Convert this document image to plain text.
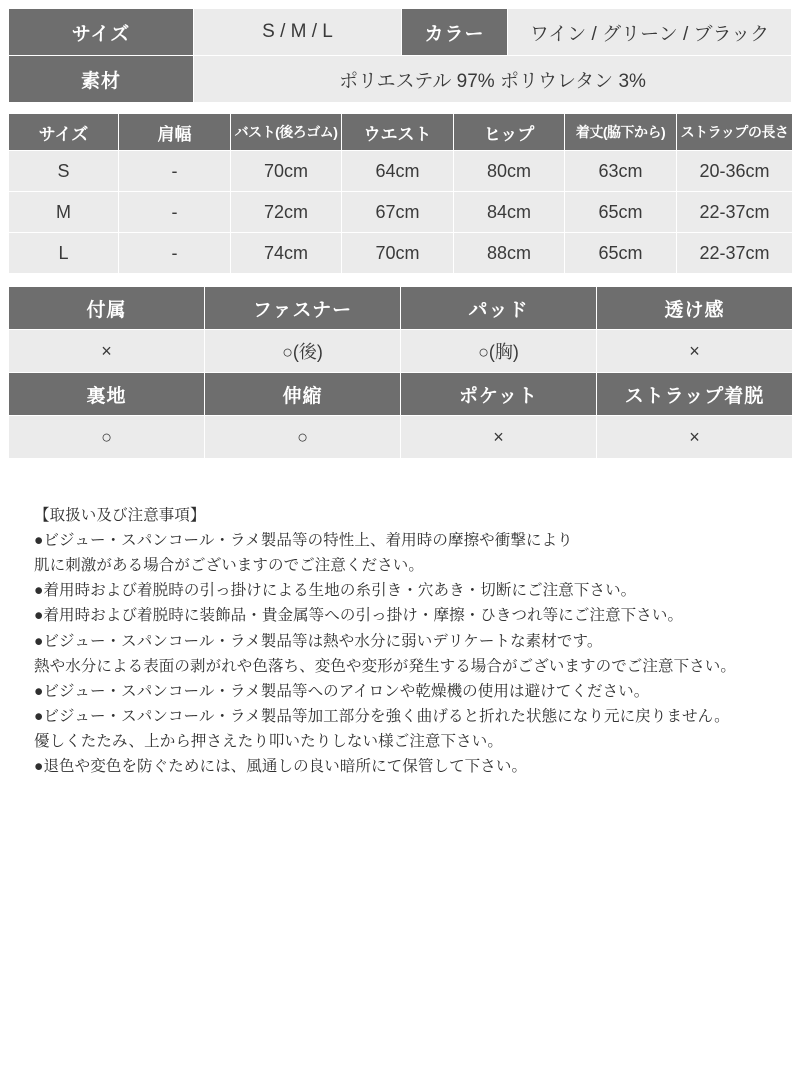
サイズ	S / M / L	カラー	ワイン / グリーン / ブラック
素材	ポリエステル 97% ポリウレタン 3%		
サイズ	肩幅	バスト(後ろゴム)	ウエスト	ヒップ	着丈(脇下から)	ストラップの長さ
S	-	70cm	64cm	80cm	63cm	20-36cm
M	-	72cm	67cm	84cm	65cm	22-37cm
L	-	74cm	70cm	88cm	65cm	22-37cm
付属	ファスナー	パッド	透け感
×	○(後)	○(胸)	×
裏地	伸縮	ポケット	ストラップ着脱
○	○	×	×

【取扱い及び注意事項】

●ビジュー・スパンコール・ラメ製品等の特性上、着用時の摩擦や衝撃により

肌に刺激がある場合がございますのでご注意ください。

●着用時および着脱時の引っ掛けによる生地の糸引き・穴あき・切断にご注意下さい。

●着用時および着脱時に装飾品・貴金属等への引っ掛け・摩擦・ひきつれ等にご注意下さい。

●ビジュー・スパンコール・ラメ製品等は熱や水分に弱いデリケートな素材です。

熱や水分による表面の剥がれや色落ち、変色や変形が発生する場合がございますのでご注意下さい。

●ビジュー・スパンコール・ラメ製品等へのアイロンや乾燥機の使用は避けてください。

●ビジュー・スパンコール・ラメ製品等加工部分を強く曲げると折れた状態になり元に戻りません。

優しくたたみ、上から押さえたり叩いたりしない様ご注意下さい。

●退色や変色を防ぐためには、風通しの良い暗所にて保管して下さい。
